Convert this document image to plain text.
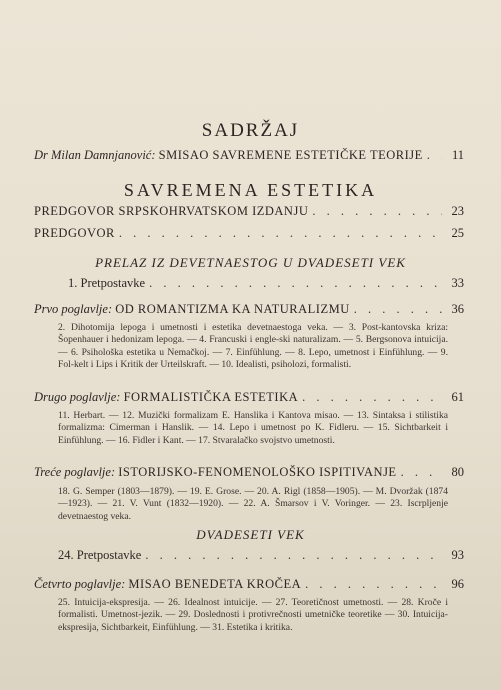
SADRŽAJ
Dr Milan Damnjanović: SMISAO SAVREMENE ESTETIČKE TEORIJE . . .	11
SAVREMENA ESTETIKA
PREDGOVOR SRPSKOHRVATSKOM IZDANJU . . .	23
PREDGOVOR . . .	25
PRELAZ IZ DEVETNAESTOG U DVADESETI VEK
1. Pretpostavke . . .	33
Prvo poglavlje: OD ROMANTIZMA KA NATURALIZMU . . .	36
2. Dihotomija lepoga i umetnosti i estetika devetnaestoga veka. — 3. Post-kantovska kriza: Šopenhauer i hedonizam lepoga. — 4. Francuski i engle-ski naturalizam. — 5. Bergsonova intuicija. — 6. Psihološka estetika u Nemačkoj. — 7. Einfühlung. — 8. Lepo, umetnost i Einfühlung. — 9. Fol-kelt i Lips i Kritik der Urteilskraft. — 10. Idealisti, psiholozi, formalisti.
Drugo poglavlje: FORMALISTIČKA ESTETIKA . . .	61
11. Herbart. — 12. Muzički formalizam E. Hanslika i Kantova misao. — 13. Sintaksa i stilistika formalizma: Cimerman i Hanslik. — 14. Lepo i umetnost po K. Fidleru. — 15. Sichtbarkeit i Einfühlung. — 16. Fidler i Kant. — 17. Stvaralačko svojstvo umetnosti.
Treće poglavlje: ISTORIJSKO-FENOMENOLOŠKO ISPITIVANJE . . .	80
18. G. Semper (1803—1879). — 19. E. Grose. — 20. A. Rigl (1858—1905). — M. Dvoržak (1874—1923). — 21. V. Vunt (1832—1920). — 22. A. Šmarsov i V. Voringer. — 23. Iscrpljenje devetnaestog veka.
DVADESETI VEK
24. Pretpostavke . . .	93
Četvrto poglavlje: MISAO BENEDETA KROČEA . . .	96
25. Intuicija-ekspresija. — 26. Idealnost intuicije. — 27. Teoretičnost umetnosti. — 28. Kroče i formalisti. Umetnost-jezik. — 29. Doslednosti i protivrečnosti umetničke teoretike — 30. Intuicija-ekspresija, Sichtbarkeit, Einfühlung. — 31. Estetika i kritika.
